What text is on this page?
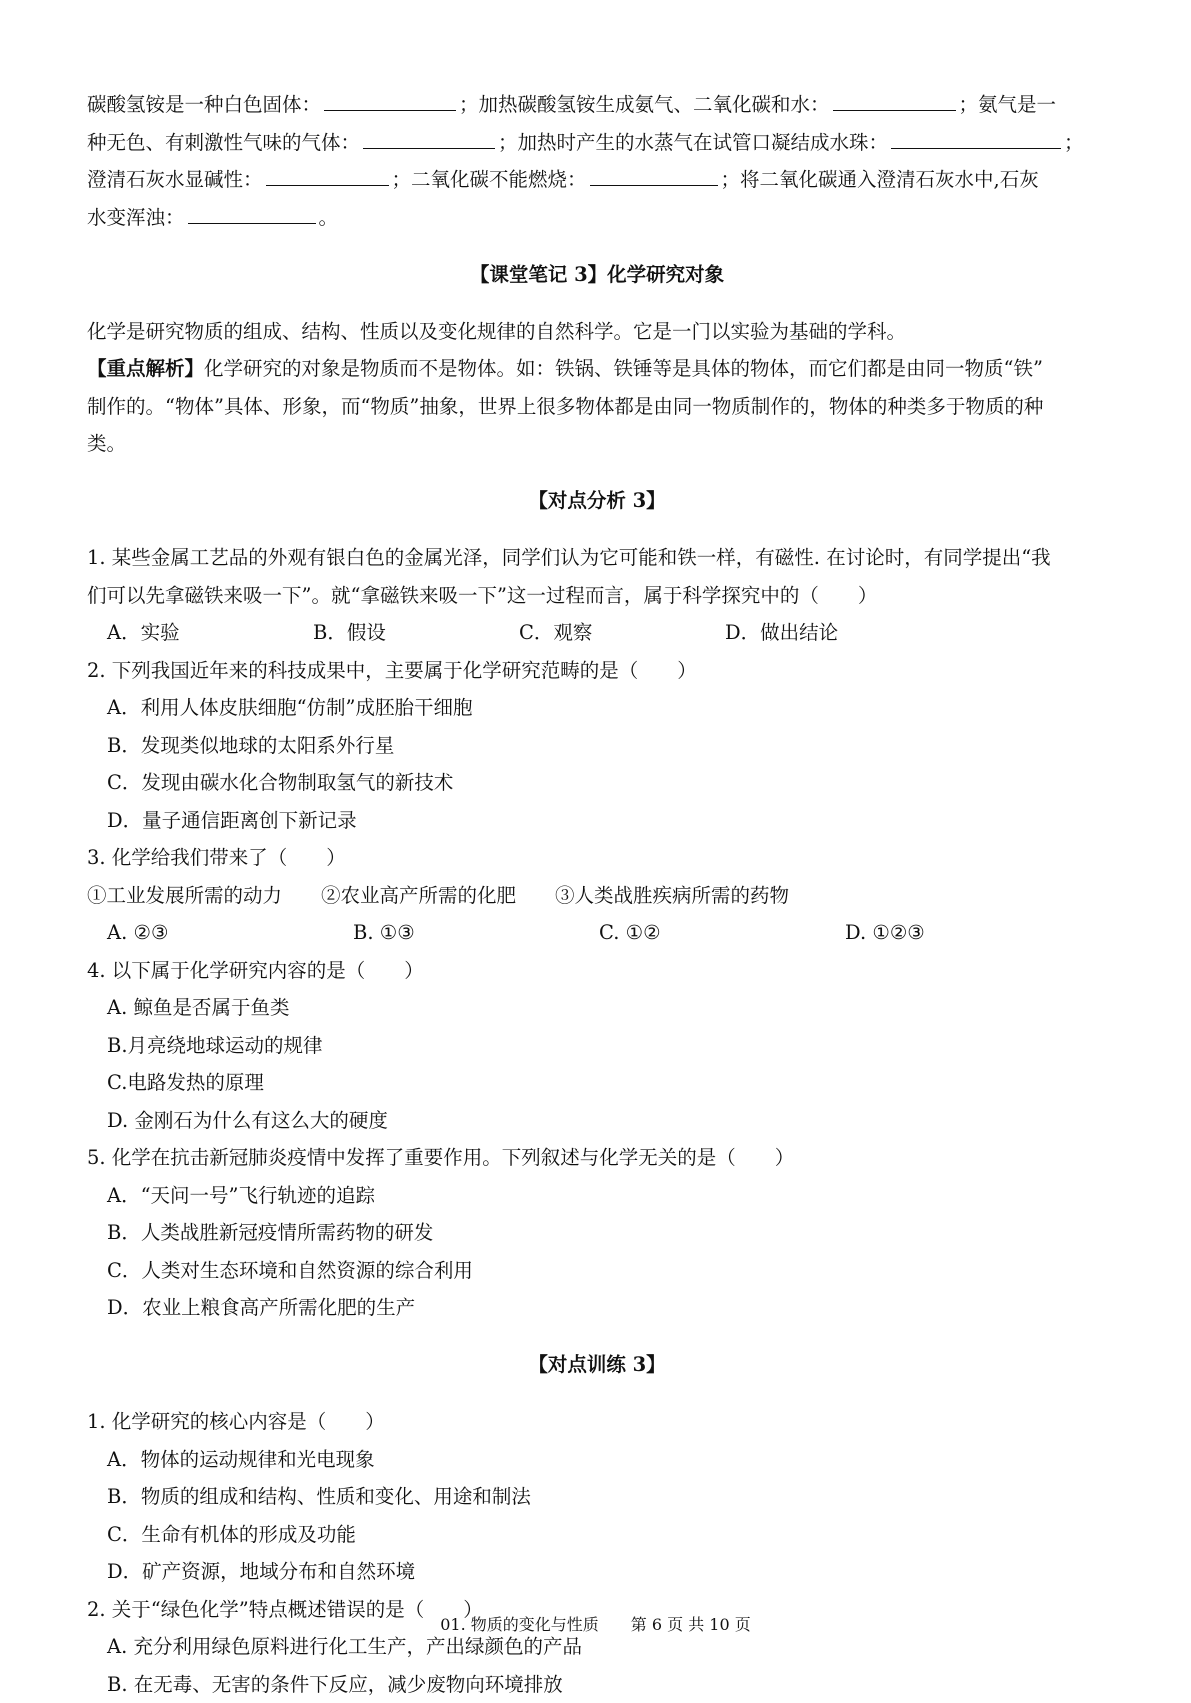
碳酸氢铵是一种白色固体：	；加热碳酸氢铵生成氨气、二氧化碳和水：	；氨气是一

种无色、有刺激性气味的气体：	；加热时产生的水蒸气在试管口凝结成水珠：	；

澄清石灰水显碱性：	；二氧化碳不能燃烧：	；将二氧化碳通入澄清石灰水中,石灰

水变浑浊：	。

【课堂笔记 3】化学研究对象

化学是研究物质的组成、结构、性质以及变化规律的自然科学。它是一门以实验为基础的学科。

【重点解析】化学研究的对象是物质而不是物体。如：铁锅、铁锤等是具体的物体，而它们都是由同一物质“铁”

制作的。“物体”具体、形象，而“物质”抽象，世界上很多物体都是由同一物质制作的，物体的种类多于物质的种

类。

【对点分析 3】

1. 某些金属工艺品的外观有银白色的金属光泽，同学们认为它可能和铁一样，有磁性. 在讨论时，有同学提出“我

们可以先拿磁铁来吸一下”。就“拿磁铁来吸一下”这一过程而言，属于科学探究中的（　　）

A．实验	B．假设	C．观察	D．做出结论

2. 下列我国近年来的科技成果中，主要属于化学研究范畴的是（　　）

A．利用人体皮肤细胞“仿制”成胚胎干细胞

B．发现类似地球的太阳系外行星

C．发现由碳水化合物制取氢气的新技术

D．量子通信距离创下新记录

3. 化学给我们带来了（　　）

①工业发展所需的动力　　②农业高产所需的化肥　　③人类战胜疾病所需的药物

A. ②③	B. ①③	C. ①②	D. ①②③

4. 以下属于化学研究内容的是（　　）

A. 鲸鱼是否属于鱼类

B.月亮绕地球运动的规律

C.电路发热的原理

D. 金刚石为什么有这么大的硬度

5. 化学在抗击新冠肺炎疫情中发挥了重要作用。下列叙述与化学无关的是（　　）

A．“天问一号”飞行轨迹的追踪

B．人类战胜新冠疫情所需药物的研发

C．人类对生态环境和自然资源的综合利用

D．农业上粮食高产所需化肥的生产

【对点训练 3】

1. 化学研究的核心内容是（　　）

A．物体的运动规律和光电现象

B．物质的组成和结构、性质和变化、用途和制法

C．生命有机体的形成及功能

D．矿产资源，地域分布和自然环境

2. 关于“绿色化学”特点概述错误的是（　　）

A. 充分利用绿色原料进行化工生产，产出绿颜色的产品

B. 在无毒、无害的条件下反应，减少废物向环境排放

01. 物质的变化与性质　　第 6 页 共 10 页
